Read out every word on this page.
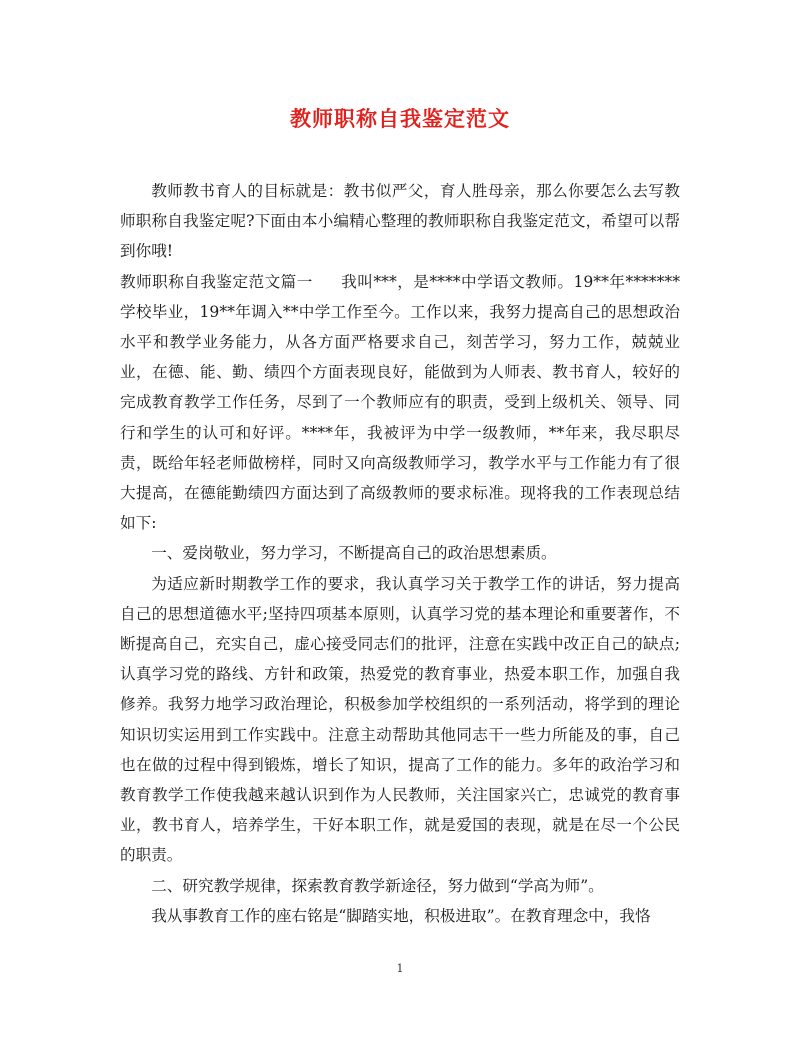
教师职称自我鉴定范文

教师教书育人的目标就是：教书似严父，育人胜母亲，那么你要怎么去写教师职称自我鉴定呢?下面由本小编精心整理的教师职称自我鉴定范文，希望可以帮到你哦!

教师职称自我鉴定范文篇一 我叫***，是****中学语文教师。19**年*******学校毕业，19**年调入**中学工作至今。工作以来，我努力提高自己的思想政治水平和教学业务能力，从各方面严格要求自己，刻苦学习，努力工作，兢兢业业，在德、能、勤、绩四个方面表现良好，能做到为人师表、教书育人，较好的完成教育教学工作任务，尽到了一个教师应有的职责，受到上级机关、领导、同行和学生的认可和好评。****年，我被评为中学一级教师，**年来，我尽职尽责，既给年轻老师做榜样，同时又向高级教师学习，教学水平与工作能力有了很大提高，在德能勤绩四方面达到了高级教师的要求标准。现将我的工作表现总结如下:

一、爱岗敬业，努力学习，不断提高自己的政治思想素质。

为适应新时期教学工作的要求，我认真学习关于教学工作的讲话，努力提高自己的思想道德水平;坚持四项基本原则，认真学习党的基本理论和重要著作，不断提高自己，充实自己，虚心接受同志们的批评，注意在实践中改正自己的缺点;认真学习党的路线、方针和政策，热爱党的教育事业，热爱本职工作，加强自我修养。我努力地学习政治理论，积极参加学校组织的一系列活动，将学到的理论知识切实运用到工作实践中。注意主动帮助其他同志干一些力所能及的事，自己也在做的过程中得到锻炼，增长了知识，提高了工作的能力。多年的政治学习和教育教学工作使我越来越认识到作为人民教师，关注国家兴亡，忠诚党的教育事业，教书育人，培养学生，干好本职工作，就是爱国的表现，就是在尽一个公民的职责。

二、研究教学规律，探索教育教学新途径，努力做到“学高为师”。

我从事教育工作的座右铭是“脚踏实地，积极进取”。在教育理念中，我恪

1
